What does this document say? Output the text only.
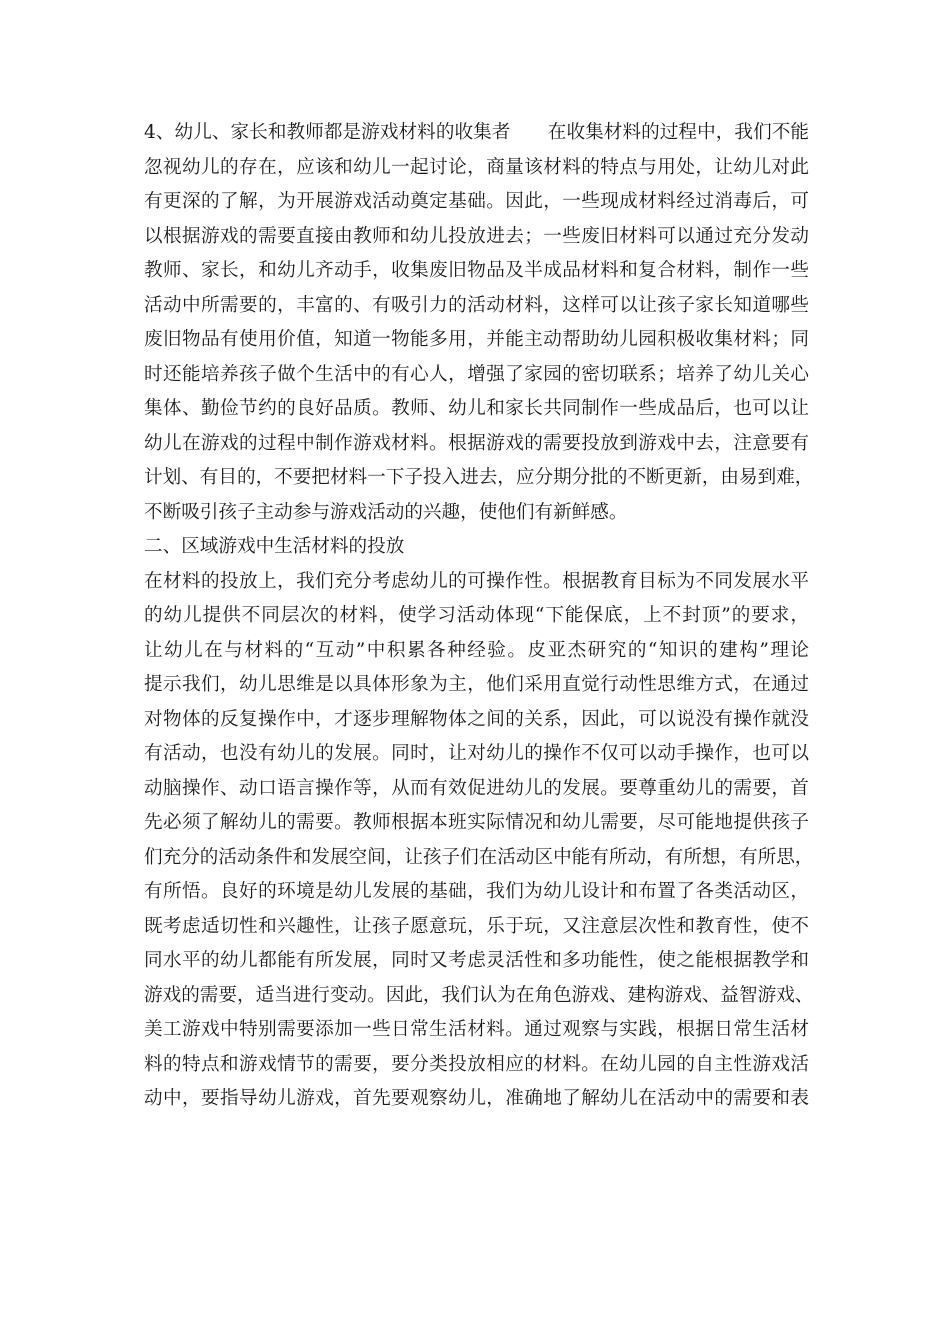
4、幼儿、家长和教师都是游戏材料的收集者　　在收集材料的过程中，我们不能
忽视幼儿的存在，应该和幼儿一起讨论，商量该材料的特点与用处，让幼儿对此
有更深的了解，为开展游戏活动奠定基础。因此，一些现成材料经过消毒后，可
以根据游戏的需要直接由教师和幼儿投放进去；一些废旧材料可以通过充分发动
教师、家长，和幼儿齐动手，收集废旧物品及半成品材料和复合材料，制作一些
活动中所需要的，丰富的、有吸引力的活动材料，这样可以让孩子家长知道哪些
废旧物品有使用价值，知道一物能多用，并能主动帮助幼儿园积极收集材料；同
时还能培养孩子做个生活中的有心人，增强了家园的密切联系；培养了幼儿关心
集体、勤俭节约的良好品质。教师、幼儿和家长共同制作一些成品后，也可以让
幼儿在游戏的过程中制作游戏材料。根据游戏的需要投放到游戏中去，注意要有
计划、有目的，不要把材料一下子投入进去，应分期分批的不断更新，由易到难，
不断吸引孩子主动参与游戏活动的兴趣，使他们有新鲜感。
二、区域游戏中生活材料的投放
在材料的投放上，我们充分考虑幼儿的可操作性。根据教育目标为不同发展水平
的幼儿提供不同层次的材料，使学习活动体现“下能保底，上不封顶”的要求，
让幼儿在与材料的“互动”中积累各种经验。皮亚杰研究的“知识的建构”理论
提示我们，幼儿思维是以具体形象为主，他们采用直觉行动性思维方式，在通过
对物体的反复操作中，才逐步理解物体之间的关系，因此，可以说没有操作就没
有活动，也没有幼儿的发展。同时，让对幼儿的操作不仅可以动手操作，也可以
动脑操作、动口语言操作等，从而有效促进幼儿的发展。要尊重幼儿的需要，首
先必须了解幼儿的需要。教师根据本班实际情况和幼儿需要，尽可能地提供孩子
们充分的活动条件和发展空间，让孩子们在活动区中能有所动，有所想，有所思，
有所悟。良好的环境是幼儿发展的基础，我们为幼儿设计和布置了各类活动区，
既考虑适切性和兴趣性，让孩子愿意玩，乐于玩，又注意层次性和教育性，使不
同水平的幼儿都能有所发展，同时又考虑灵活性和多功能性，使之能根据教学和
游戏的需要，适当进行变动。因此，我们认为在角色游戏、建构游戏、益智游戏、
美工游戏中特别需要添加一些日常生活材料。通过观察与实践，根据日常生活材
料的特点和游戏情节的需要，要分类投放相应的材料。在幼儿园的自主性游戏活
动中，要指导幼儿游戏，首先要观察幼儿，准确地了解幼儿在活动中的需要和表
